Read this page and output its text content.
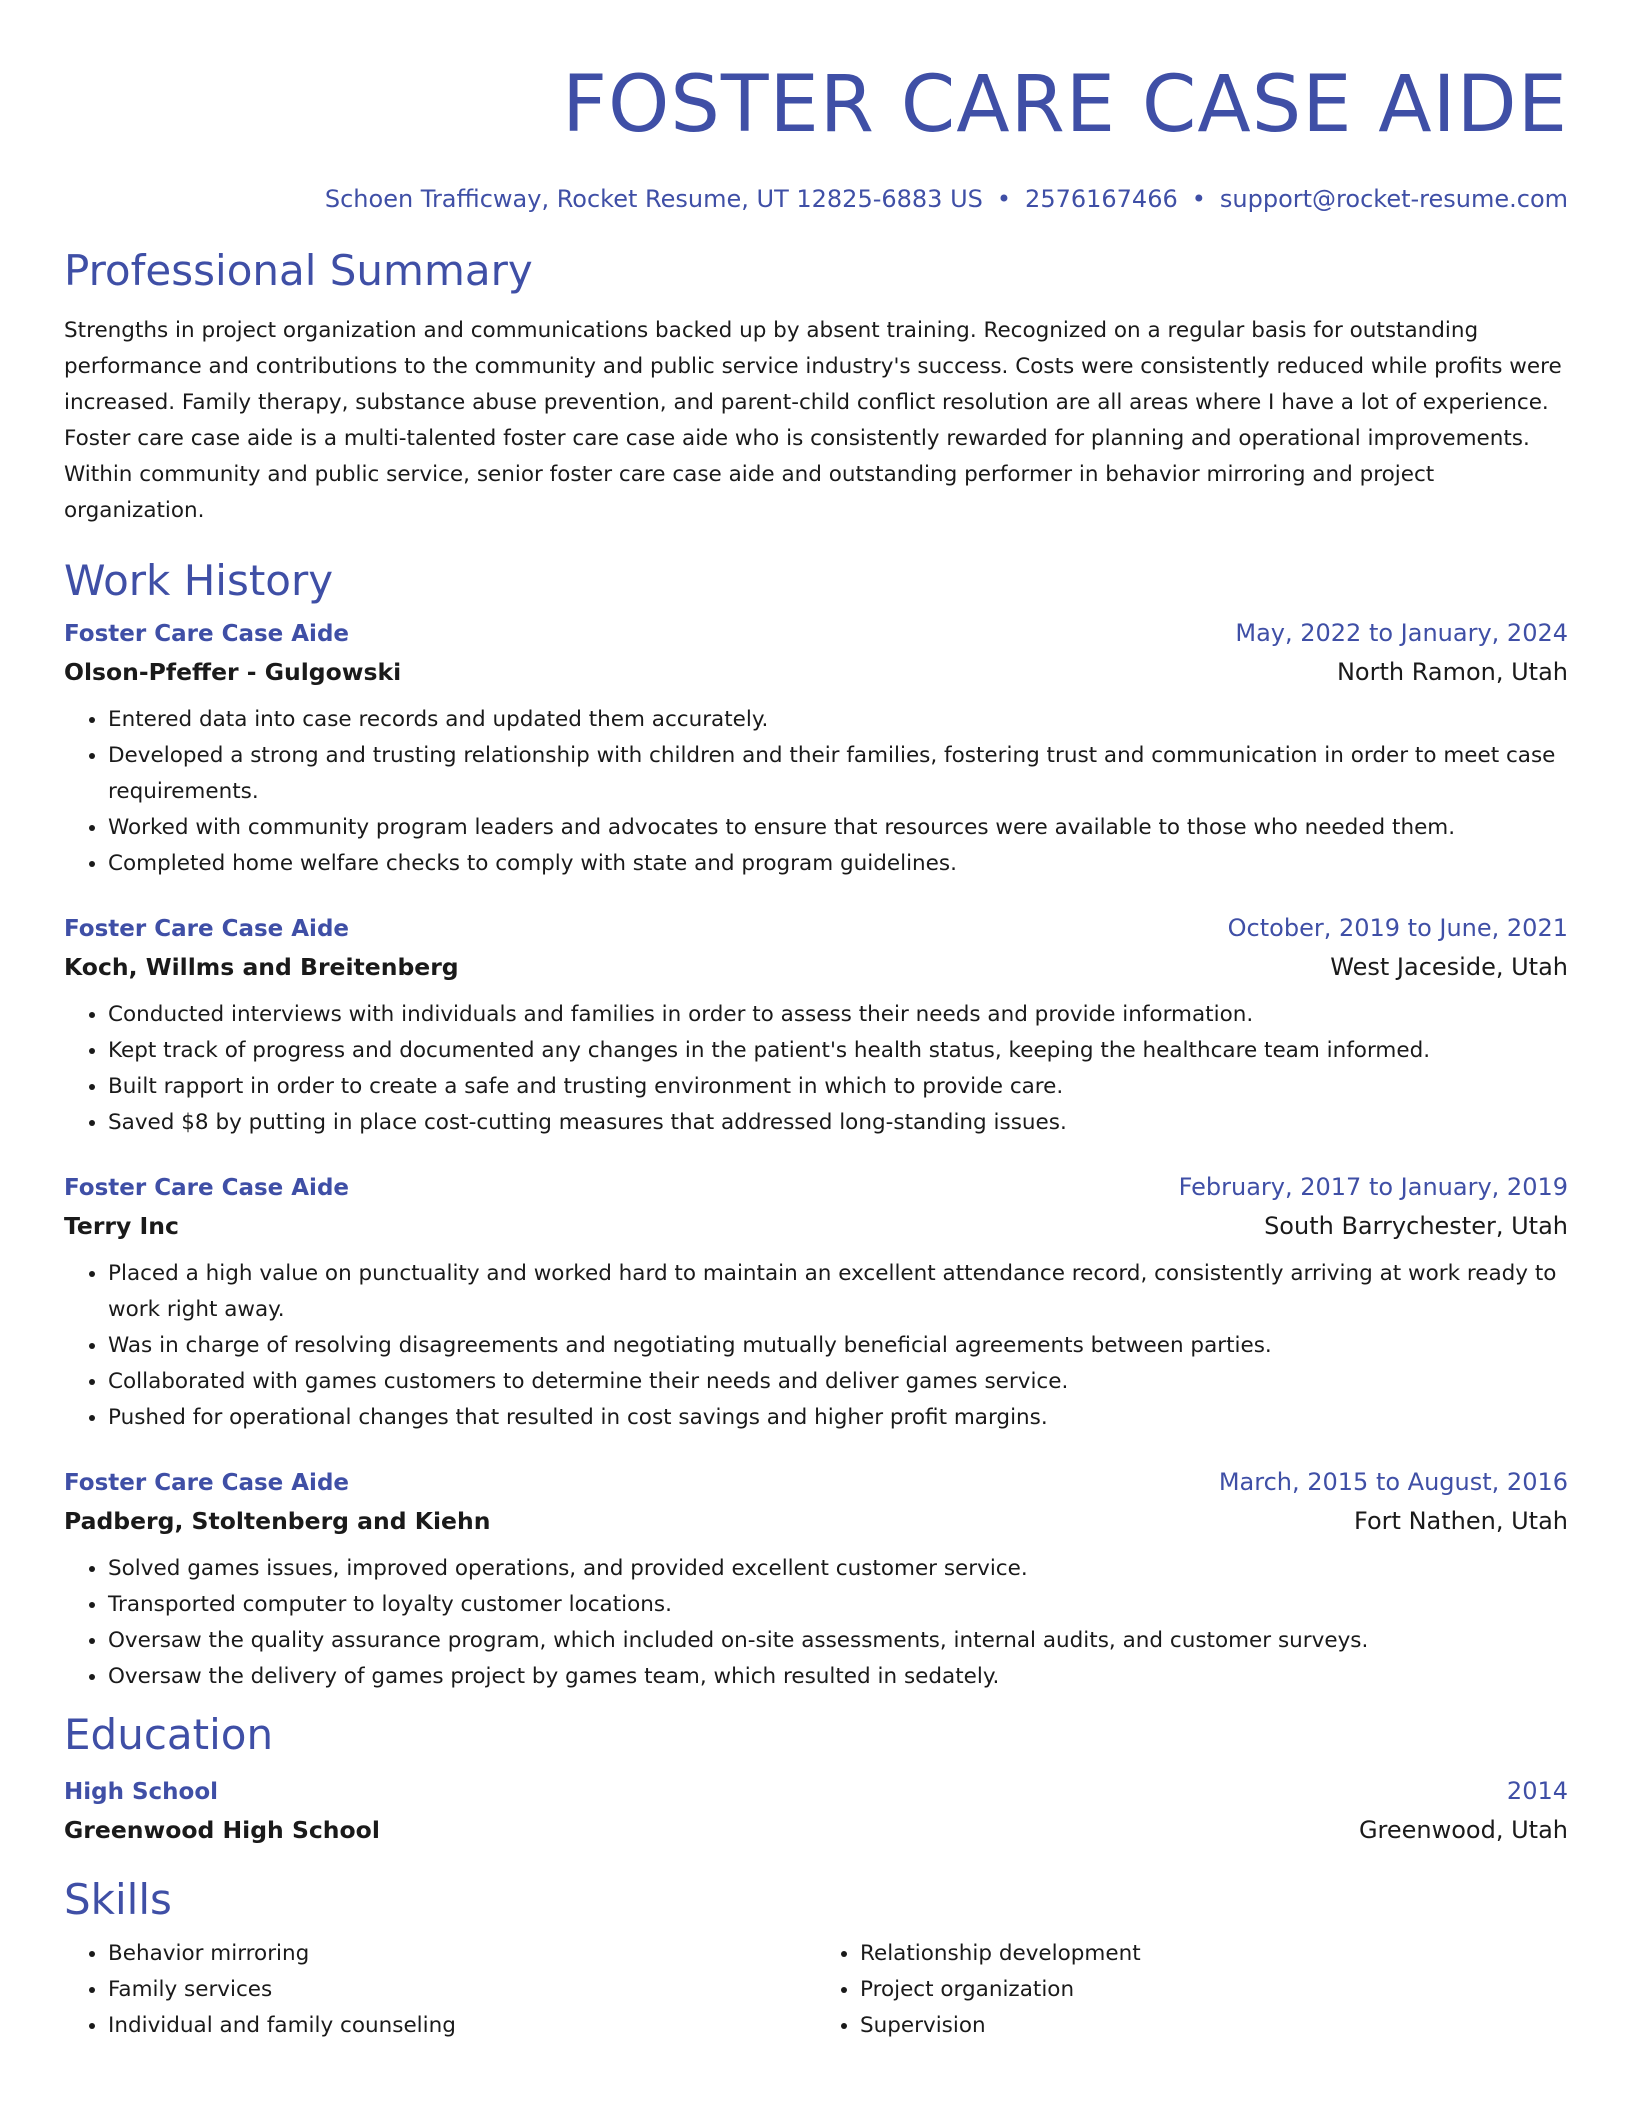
FOSTER CARE CASE AIDE
Schoen Trafficway, Rocket Resume, UT 12825-6883 US • 2576167466 • support@rocket-resume.com
Professional Summary
Strengths in project organization and communications backed up by absent training. Recognized on a regular basis for outstanding performance and contributions to the community and public service industry's success. Costs were consistently reduced while profits were increased. Family therapy, substance abuse prevention, and parent-child conflict resolution are all areas where I have a lot of experience. Foster care case aide is a multi-talented foster care case aide who is consistently rewarded for planning and operational improvements. Within community and public service, senior foster care case aide and outstanding performer in behavior mirroring and project organization.
Work History
Foster Care Case Aide	May, 2022 to January, 2024
Olson-Pfeffer - Gulgowski	North Ramon, Utah
• Entered data into case records and updated them accurately.
• Developed a strong and trusting relationship with children and their families, fostering trust and communication in order to meet case requirements.
• Worked with community program leaders and advocates to ensure that resources were available to those who needed them.
• Completed home welfare checks to comply with state and program guidelines.
Foster Care Case Aide	October, 2019 to June, 2021
Koch, Willms and Breitenberg	West Jaceside, Utah
• Conducted interviews with individuals and families in order to assess their needs and provide information.
• Kept track of progress and documented any changes in the patient's health status, keeping the healthcare team informed.
• Built rapport in order to create a safe and trusting environment in which to provide care.
• Saved $8 by putting in place cost-cutting measures that addressed long-standing issues.
Foster Care Case Aide	February, 2017 to January, 2019
Terry Inc	South Barrychester, Utah
• Placed a high value on punctuality and worked hard to maintain an excellent attendance record, consistently arriving at work ready to work right away.
• Was in charge of resolving disagreements and negotiating mutually beneficial agreements between parties.
• Collaborated with games customers to determine their needs and deliver games service.
• Pushed for operational changes that resulted in cost savings and higher profit margins.
Foster Care Case Aide	March, 2015 to August, 2016
Padberg, Stoltenberg and Kiehn	Fort Nathen, Utah
• Solved games issues, improved operations, and provided excellent customer service.
• Transported computer to loyalty customer locations.
• Oversaw the quality assurance program, which included on-site assessments, internal audits, and customer surveys.
• Oversaw the delivery of games project by games team, which resulted in sedately.
Education
High School	2014
Greenwood High School	Greenwood, Utah
Skills
• Behavior mirroring
• Family services
• Individual and family counseling
• Relationship development
• Project organization
• Supervision
